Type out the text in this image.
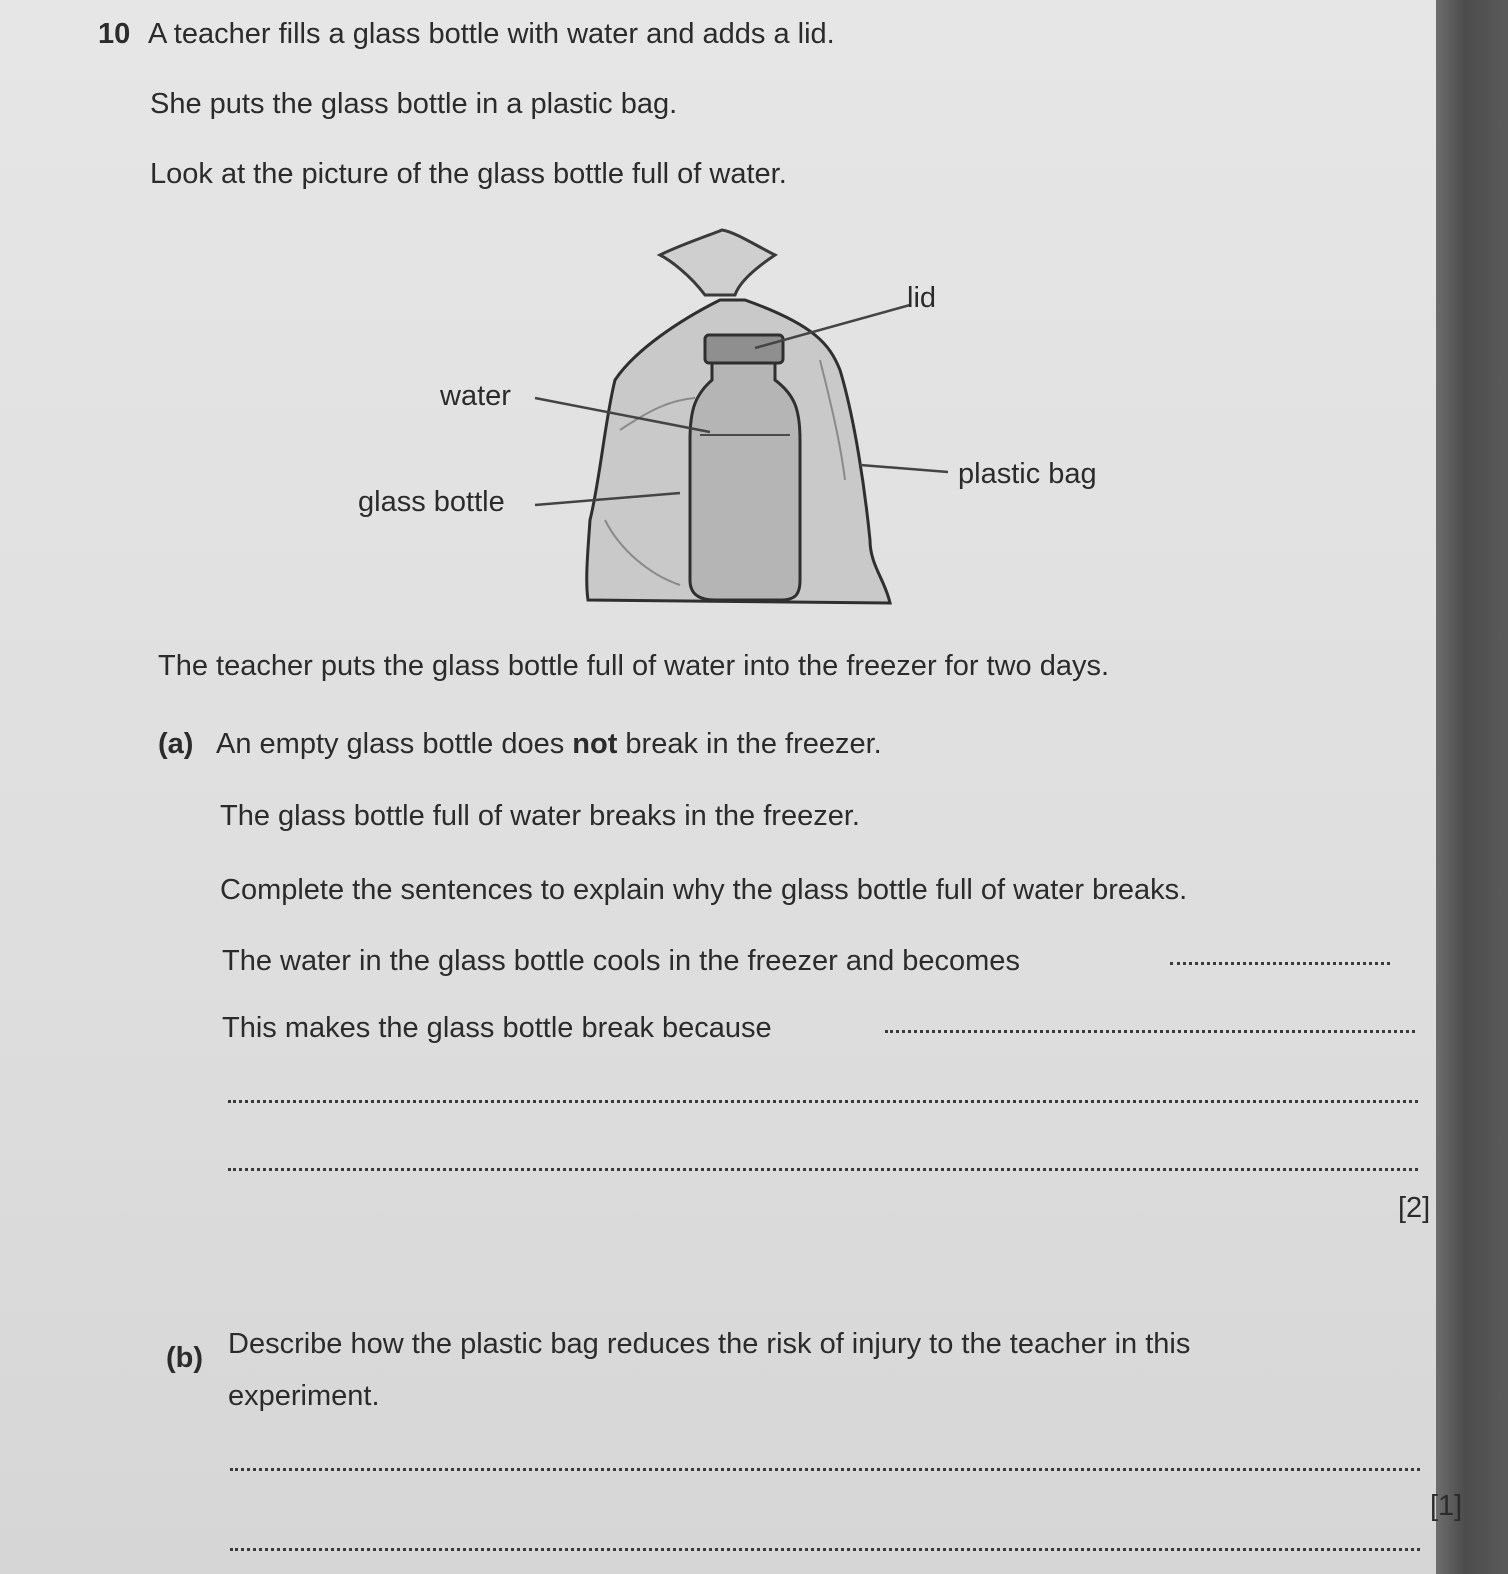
10 A teacher fills a glass bottle with water and adds a lid.
She puts the glass bottle in a plastic bag.
Look at the picture of the glass bottle full of water.
lid
water
glass bottle
plastic bag
The teacher puts the glass bottle full of water into the freezer for two days.
(a) An empty glass bottle does not break in the freezer.
The glass bottle full of water breaks in the freezer.
Complete the sentences to explain why the glass bottle full of water breaks.
The water in the glass bottle cools in the freezer and becomes
This makes the glass bottle break because
[2]
(b) Describe how the plastic bag reduces the risk of injury to the teacher in this
experiment.
[1]
